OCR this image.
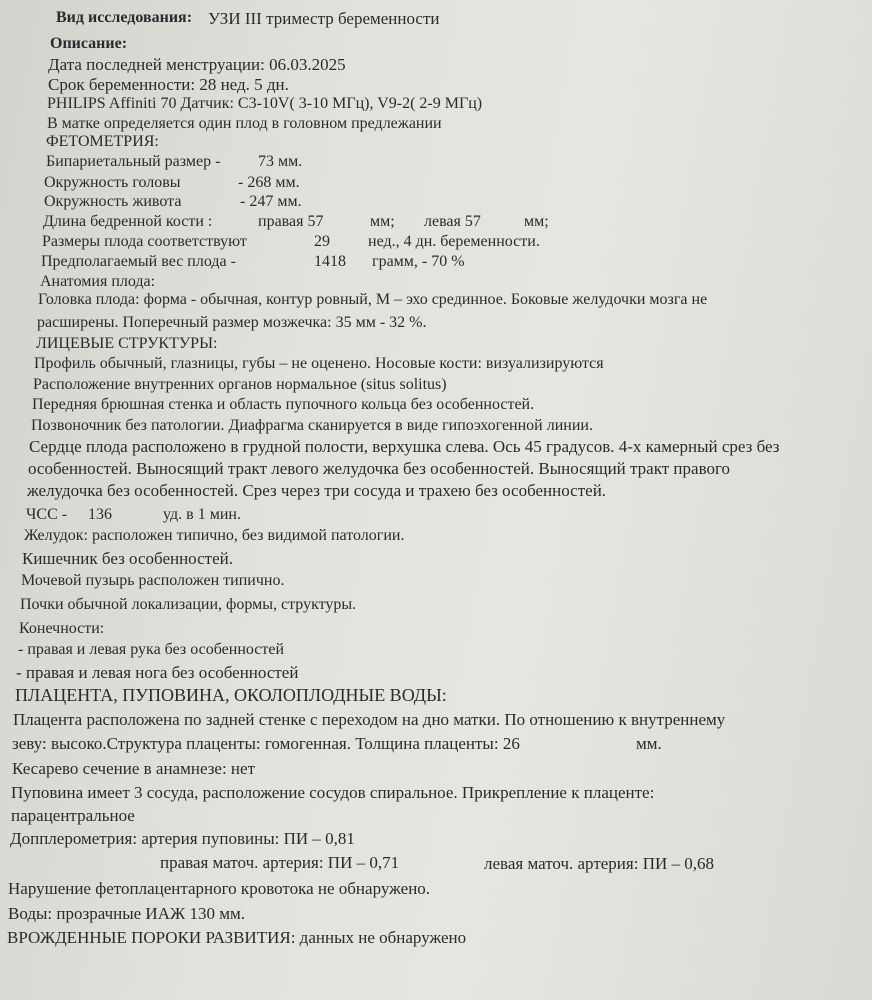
Вид исследования: УЗИ III триместр беременности
Описание:
Дата последней менструации: 06.03.2025
Срок беременности: 28 нед. 5 дн.
PHILIPS Affiniti 70 Датчик: C3-10V( 3-10 МГц), V9-2( 2-9 МГц)
В матке определяется один плод в головном предлежании
ФЕТОМЕТРИЯ:
Бипариетальный размер - 73 мм.
Окружность головы	- 268 мм.
Окружность живота	- 247 мм.
Длина бедренной кости :	правая 57	мм; левая 57	мм;
Размеры плода соответствуют	29 нед., 4 дн. беременности.
Предполагаемый вес плода -	1418 грамм, - 70 %
Анатомия плода:
Головка плода: форма - обычная, контур ровный, М – эхо срединное. Боковые желудочки мозга не
расширены. Поперечный размер мозжечка: 35 мм - 32 %.
ЛИЦЕВЫЕ СТРУКТУРЫ:
Профиль обычный, глазницы, губы – не оценено. Носовые кости: визуализируются
Расположение внутренних органов нормальное (situs solitus)
Передняя брюшная стенка и область пупочного кольца без особенностей.
Позвоночник без патологии. Диафрагма сканируется в виде гипоэхогенной линии.
Сердце плода расположено в грудной полости, верхушка слева. Ось 45 градусов. 4-х камерный срез без
особенностей. Выносящий тракт левого желудочка без особенностей. Выносящий тракт правого
желудочка без особенностей. Срез через три сосуда и трахею без особенностей.
ЧСС - 136	уд. в 1 мин.
Желудок: расположен типично, без видимой патологии.
Кишечник без особенностей.
Мочевой пузырь расположен типично.
Почки обычной локализации, формы, структуры.
Конечности:
- правая и левая рука без особенностей
- правая и левая нога без особенностей
ПЛАЦЕНТА, ПУПОВИНА, ОКОЛОПЛОДНЫЕ ВОДЫ:
Плацента расположена по задней стенке с переходом на дно матки. По отношению к внутреннему
зеву: высоко.Структура плаценты: гомогенная. Толщина плаценты: 26	мм.
Кесарево сечение в анамнезе: нет
Пуповина имеет 3 сосуда, расположение сосудов спиральное. Прикрепление к плаценте:
парацентральное
Допплерометрия: артерия пуповины: ПИ – 0,81
правая маточ. артерия: ПИ – 0,71	левая маточ. артерия: ПИ – 0,68
Нарушение фетоплацентарного кровотока не обнаружено.
Воды: прозрачные ИАЖ 130 мм.
ВРОЖДЕННЫЕ ПОРОКИ РАЗВИТИЯ: данных не обнаружено
